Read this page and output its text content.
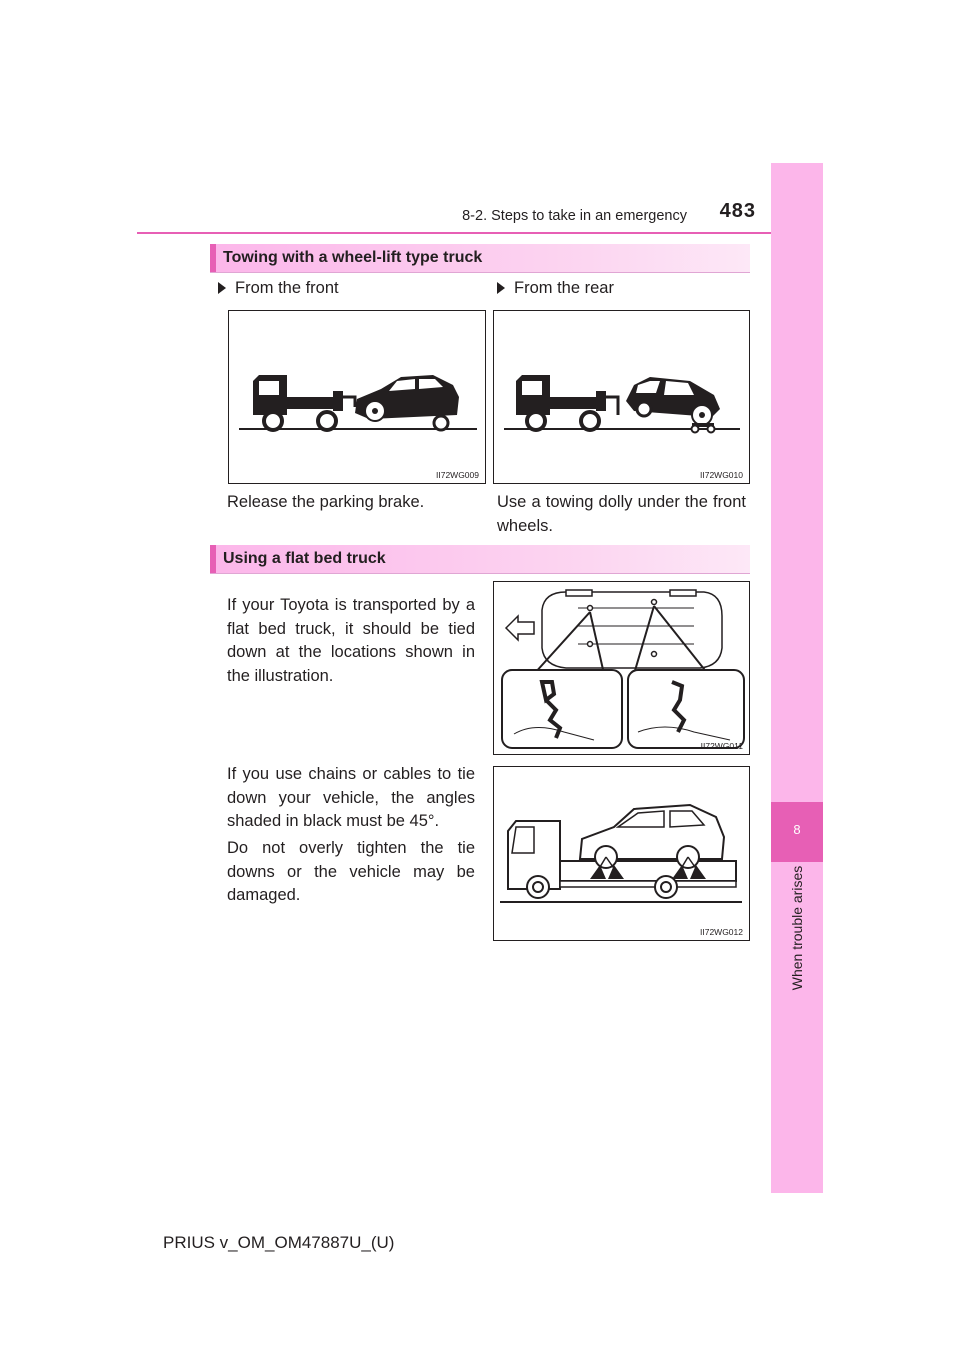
8-2. Steps to take in an emergency	483
8
When trouble arises
Towing with a wheel-lift type truck
From the front	From the rear
II72WG009	II72WG010
Release the parking brake.	Use a towing dolly under the front wheels.
Using a flat bed truck
If your Toyota is transported by a flat bed truck, it should be tied down at the locations shown in the illustration.
If you use chains or cables to tie down your vehicle, the angles shaded in black must be 45°.
Do not overly tighten the tie downs or the vehicle may be damaged.
II72WG011
II72WG012
PRIUS v_OM_OM47887U_(U)
